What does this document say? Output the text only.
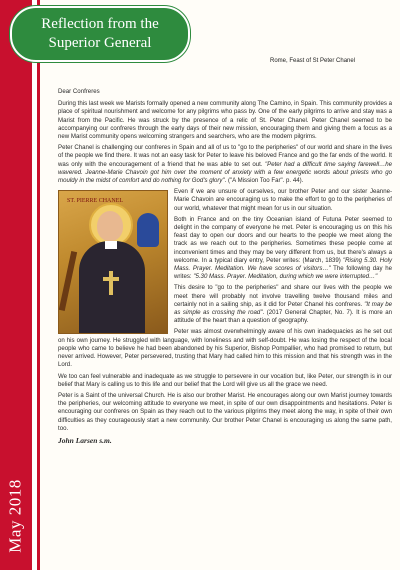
May 2018
Reflection from the
Superior General
Rome, Feast of St Peter Chanel

Dear Confreres

During this last week we Marists formally opened a new community along The Camino, in Spain. This community provides a place of spiritual nourishment and welcome for any pilgrims who pass by. One of the early pilgrims to arrive and stay was a Marist from the Pacific. He was struck by the presence of a relic of St. Peter Chanel. Peter Chanel seemed to be accompanying our confreres through the early days of their new mission, encouraging them and giving them a focus as a new Marist community opens welcoming strangers and searchers, who are the modern pilgrims.

Peter Chanel is challenging our confreres in Spain and all of us to "go to the peripheries" of our world and share in the lives of the people we find there. It was not an easy task for Peter to leave his beloved France and go the far ends of the world. It was only with the encouragement of a friend that he was able to set out. "Peter had a difficult time saying farewell…he wavered. Jeanne-Marie Chavoin got him over the moment of anxiety with a few energetic words about priests who go mouldy in the midst of comfort and do nothing for God's glory". ("A Mission Too Far". p. 44).

ST. PIERRE CHANEL

Even if we are unsure of ourselves, our brother Peter and our sister Jeanne-Marie Chavoin are encouraging us to make the effort to go to the peripheries of our world, whatever that might mean for us in our situation.

Both in France and on the tiny Oceanian island of Futuna Peter seemed to delight in the company of everyone he met. Peter is encouraging us on this his feast day to open our doors and our hearts to the people we meet along the track as we reach out to the peripheries. Sometimes these people come at inconvenient times and they may be very different from us, but there's always a welcome. In a typical diary entry, Peter writes: (March, 1839) "Rising 5.30. Holy Mass. Prayer. Meditation. We have scores of visitors…" The following day he writes: "5.30 Mass. Prayer. Meditation, during which we were interrupted…"

This desire to "go to the peripheries" and share our lives with the people we meet there will probably not involve travelling twelve thousand miles and certainly not in a sailing ship, as it did for Peter Chanel his confreres. "It may be as simple as crossing the road". (2017 General Chapter, No. 7). It is more an attitude of the heart than a question of geography.

Peter was almost overwhelmingly aware of his own inadequacies as he set out on his own journey. He struggled with language, with loneliness and with self-doubt. He was losing the respect of the local people who came to believe he had been abandoned by his Superior, Bishop Pompallier, who had promised to return, but never arrived. However, Peter persevered, trusting that Mary had called him to this mission and that his strength was in the Lord.

We too can feel vulnerable and inadequate as we struggle to persevere in our vocation but, like Peter, our strength is in our belief that Mary is calling us to this life and our belief that the Lord will give us all the grace we need.

Peter is a Saint of the universal Church. He is also our brother Marist. He encourages along our own Marist journey towards the peripheries, our welcoming attitude to everyone we meet, in spite of our own disappointments and hesitations. Peter is encouraging our confreres on Spain as they reach out to the various pilgrims they meet along the way, in spite of their own difficulties as they courageously start a new community. Our brother Peter Chanel is encouraging us along the same path, too.

John Larsen s.m.
